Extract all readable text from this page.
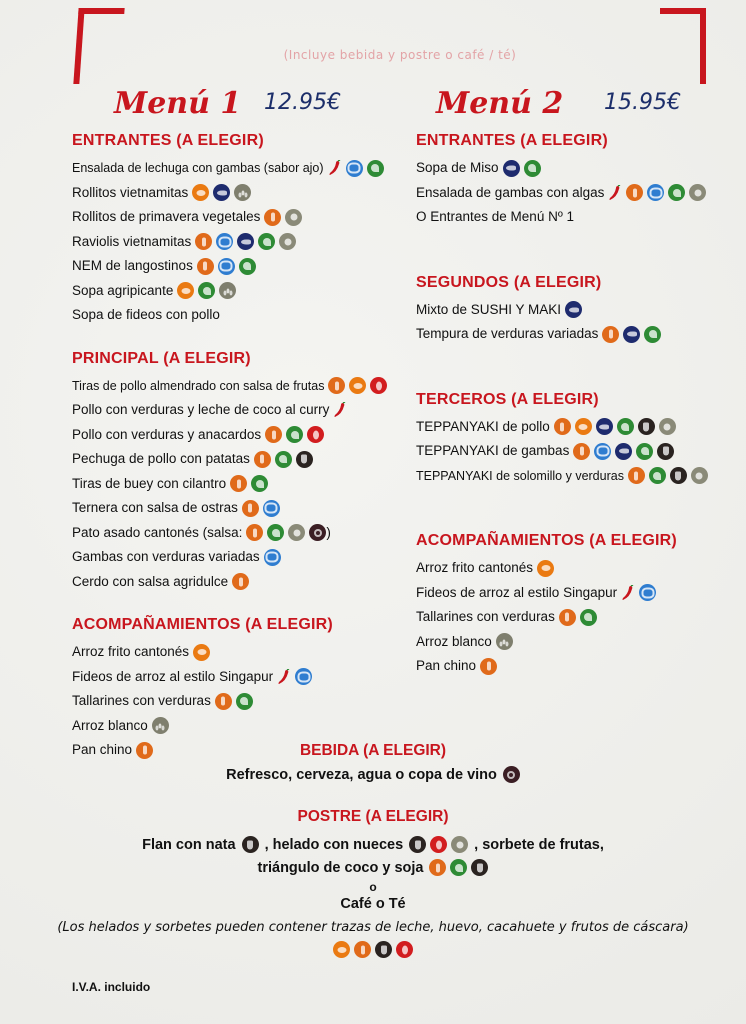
(Incluye bebida y postre o café / té)
Menú 1 12.95€	Menú 2 15.95€
ENTRANTES (A ELEGIR)
Ensalada de lechuga con gambas (sabor ajo)
Rollitos vietnamitas
Rollitos de primavera vegetales
Raviolis vietnamitas
NEM de langostinos
Sopa agripicante
Sopa de fideos con pollo
PRINCIPAL (A ELEGIR)
Tiras de pollo almendrado con salsa de frutas
Pollo con verduras y leche de coco al curry
Pollo con verduras y anacardos
Pechuga de pollo con patatas
Tiras de buey con cilantro
Ternera con salsa de ostras
Pato asado cantonés (salsa:	)
Gambas con verduras variadas
Cerdo con salsa agridulce
ACOMPAÑAMIENTOS (A ELEGIR)
Arroz frito cantonés
Fideos de arroz al estilo Singapur
Tallarines con verduras
Arroz blanco
Pan chino
ENTRANTES (A ELEGIR)
Sopa de Miso
Ensalada de gambas con algas
O Entrantes de Menú Nº 1
SEGUNDOS (A ELEGIR)
Mixto de SUSHI Y MAKI
Tempura de verduras variadas
TERCEROS (A ELEGIR)
TEPPANYAKI de pollo
TEPPANYAKI de gambas
TEPPANYAKI de solomillo y verduras
ACOMPAÑAMIENTOS (A ELEGIR)
Arroz frito cantonés
Fideos de arroz al estilo Singapur
Tallarines con verduras
Arroz blanco
Pan chino
BEBIDA (A ELEGIR)
Refresco, cerveza, agua o copa de vino
POSTRE (A ELEGIR)
Flan con nata , helado con nueces	, sorbete de frutas,
triángulo de coco y soja
o
Café o Té
(Los helados y sorbetes pueden contener trazas de leche, huevo, cacahuete y frutos de cáscara)
I.V.A. incluido
